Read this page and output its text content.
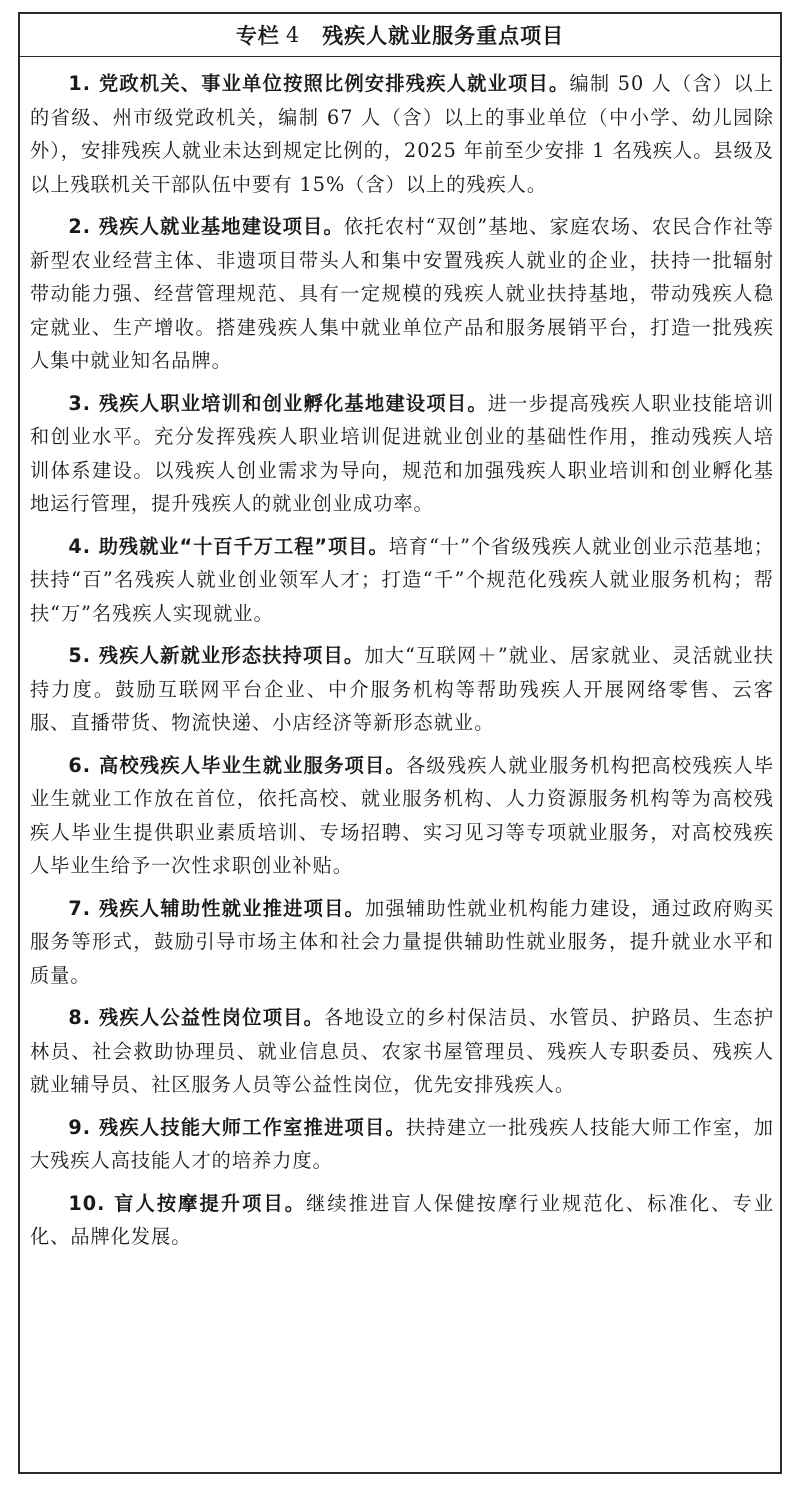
专栏 4 残疾人就业服务重点项目

1. 党政机关、事业单位按照比例安排残疾人就业项目。编制 50 人（含）以上的省级、州市级党政机关，编制 67 人（含）以上的事业单位（中小学、幼儿园除外），安排残疾人就业未达到规定比例的，2025 年前至少安排 1 名残疾人。县级及以上残联机关干部队伍中要有 15%（含）以上的残疾人。

2. 残疾人就业基地建设项目。依托农村“双创”基地、家庭农场、农民合作社等新型农业经营主体、非遗项目带头人和集中安置残疾人就业的企业，扶持一批辐射带动能力强、经营管理规范、具有一定规模的残疾人就业扶持基地，带动残疾人稳定就业、生产增收。搭建残疾人集中就业单位产品和服务展销平台，打造一批残疾人集中就业知名品牌。

3. 残疾人职业培训和创业孵化基地建设项目。进一步提高残疾人职业技能培训和创业水平。充分发挥残疾人职业培训促进就业创业的基础性作用，推动残疾人培训体系建设。以残疾人创业需求为导向，规范和加强残疾人职业培训和创业孵化基地运行管理，提升残疾人的就业创业成功率。

4. 助残就业“十百千万工程”项目。培育“十”个省级残疾人就业创业示范基地；扶持“百”名残疾人就业创业领军人才；打造“千”个规范化残疾人就业服务机构；帮扶“万”名残疾人实现就业。

5. 残疾人新就业形态扶持项目。加大“互联网＋”就业、居家就业、灵活就业扶持力度。鼓励互联网平台企业、中介服务机构等帮助残疾人开展网络零售、云客服、直播带货、物流快递、小店经济等新形态就业。

6. 高校残疾人毕业生就业服务项目。各级残疾人就业服务机构把高校残疾人毕业生就业工作放在首位，依托高校、就业服务机构、人力资源服务机构等为高校残疾人毕业生提供职业素质培训、专场招聘、实习见习等专项就业服务，对高校残疾人毕业生给予一次性求职创业补贴。

7. 残疾人辅助性就业推进项目。加强辅助性就业机构能力建设，通过政府购买服务等形式，鼓励引导市场主体和社会力量提供辅助性就业服务，提升就业水平和质量。

8. 残疾人公益性岗位项目。各地设立的乡村保洁员、水管员、护路员、生态护林员、社会救助协理员、就业信息员、农家书屋管理员、残疾人专职委员、残疾人就业辅导员、社区服务人员等公益性岗位，优先安排残疾人。

9. 残疾人技能大师工作室推进项目。扶持建立一批残疾人技能大师工作室，加大残疾人高技能人才的培养力度。

10. 盲人按摩提升项目。继续推进盲人保健按摩行业规范化、标准化、专业化、品牌化发展。
